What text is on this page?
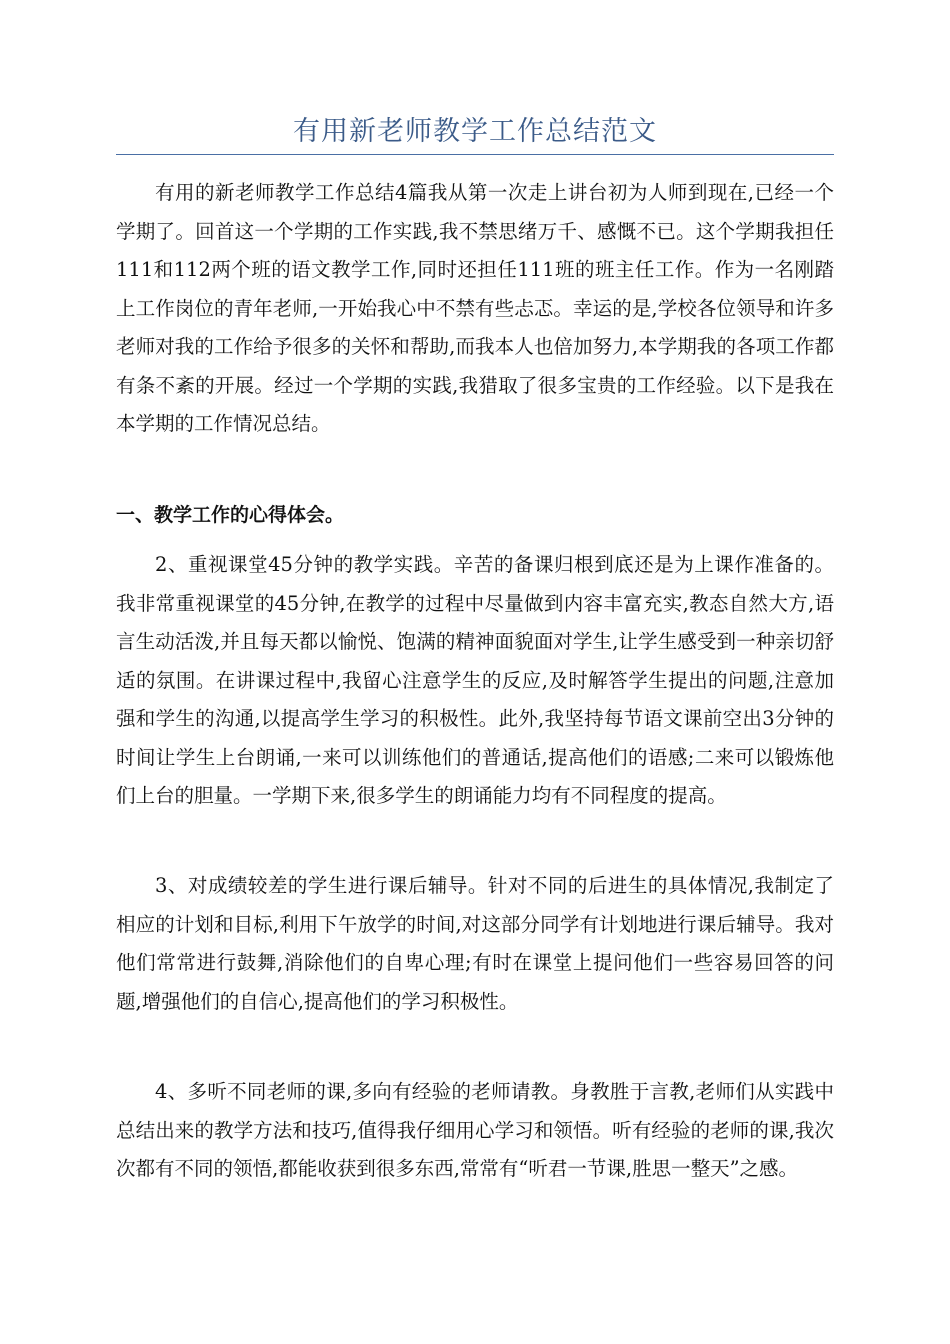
有用新老师教学工作总结范文

有用的新老师教学工作总结4篇我从第一次走上讲台初为人师到现在,已经一个学期了。回首这一个学期的工作实践,我不禁思绪万千、感慨不已。这个学期我担任111和112两个班的语文教学工作,同时还担任111班的班主任工作。作为一名刚踏上工作岗位的青年老师,一开始我心中不禁有些忐忑。幸运的是,学校各位领导和许多老师对我的工作给予很多的关怀和帮助,而我本人也倍加努力,本学期我的各项工作都有条不紊的开展。经过一个学期的实践,我猎取了很多宝贵的工作经验。以下是我在本学期的工作情况总结。

一、教学工作的心得体会。

2、重视课堂45分钟的教学实践。辛苦的备课归根到底还是为上课作准备的。我非常重视课堂的45分钟,在教学的过程中尽量做到内容丰富充实,教态自然大方,语言生动活泼,并且每天都以愉悦、饱满的精神面貌面对学生,让学生感受到一种亲切舒适的氛围。在讲课过程中,我留心注意学生的反应,及时解答学生提出的问题,注意加强和学生的沟通,以提高学生学习的积极性。此外,我坚持每节语文课前空出3分钟的时间让学生上台朗诵,一来可以训练他们的普通话,提高他们的语感;二来可以锻炼他们上台的胆量。一学期下来,很多学生的朗诵能力均有不同程度的提高。

3、对成绩较差的学生进行课后辅导。针对不同的后进生的具体情况,我制定了相应的计划和目标,利用下午放学的时间,对这部分同学有计划地进行课后辅导。我对他们常常进行鼓舞,消除他们的自卑心理;有时在课堂上提问他们一些容易回答的问题,增强他们的自信心,提高他们的学习积极性。

4、多听不同老师的课,多向有经验的老师请教。身教胜于言教,老师们从实践中总结出来的教学方法和技巧,值得我仔细用心学习和领悟。听有经验的老师的课,我次次都有不同的领悟,都能收获到很多东西,常常有“听君一节课,胜思一整天”之感。
